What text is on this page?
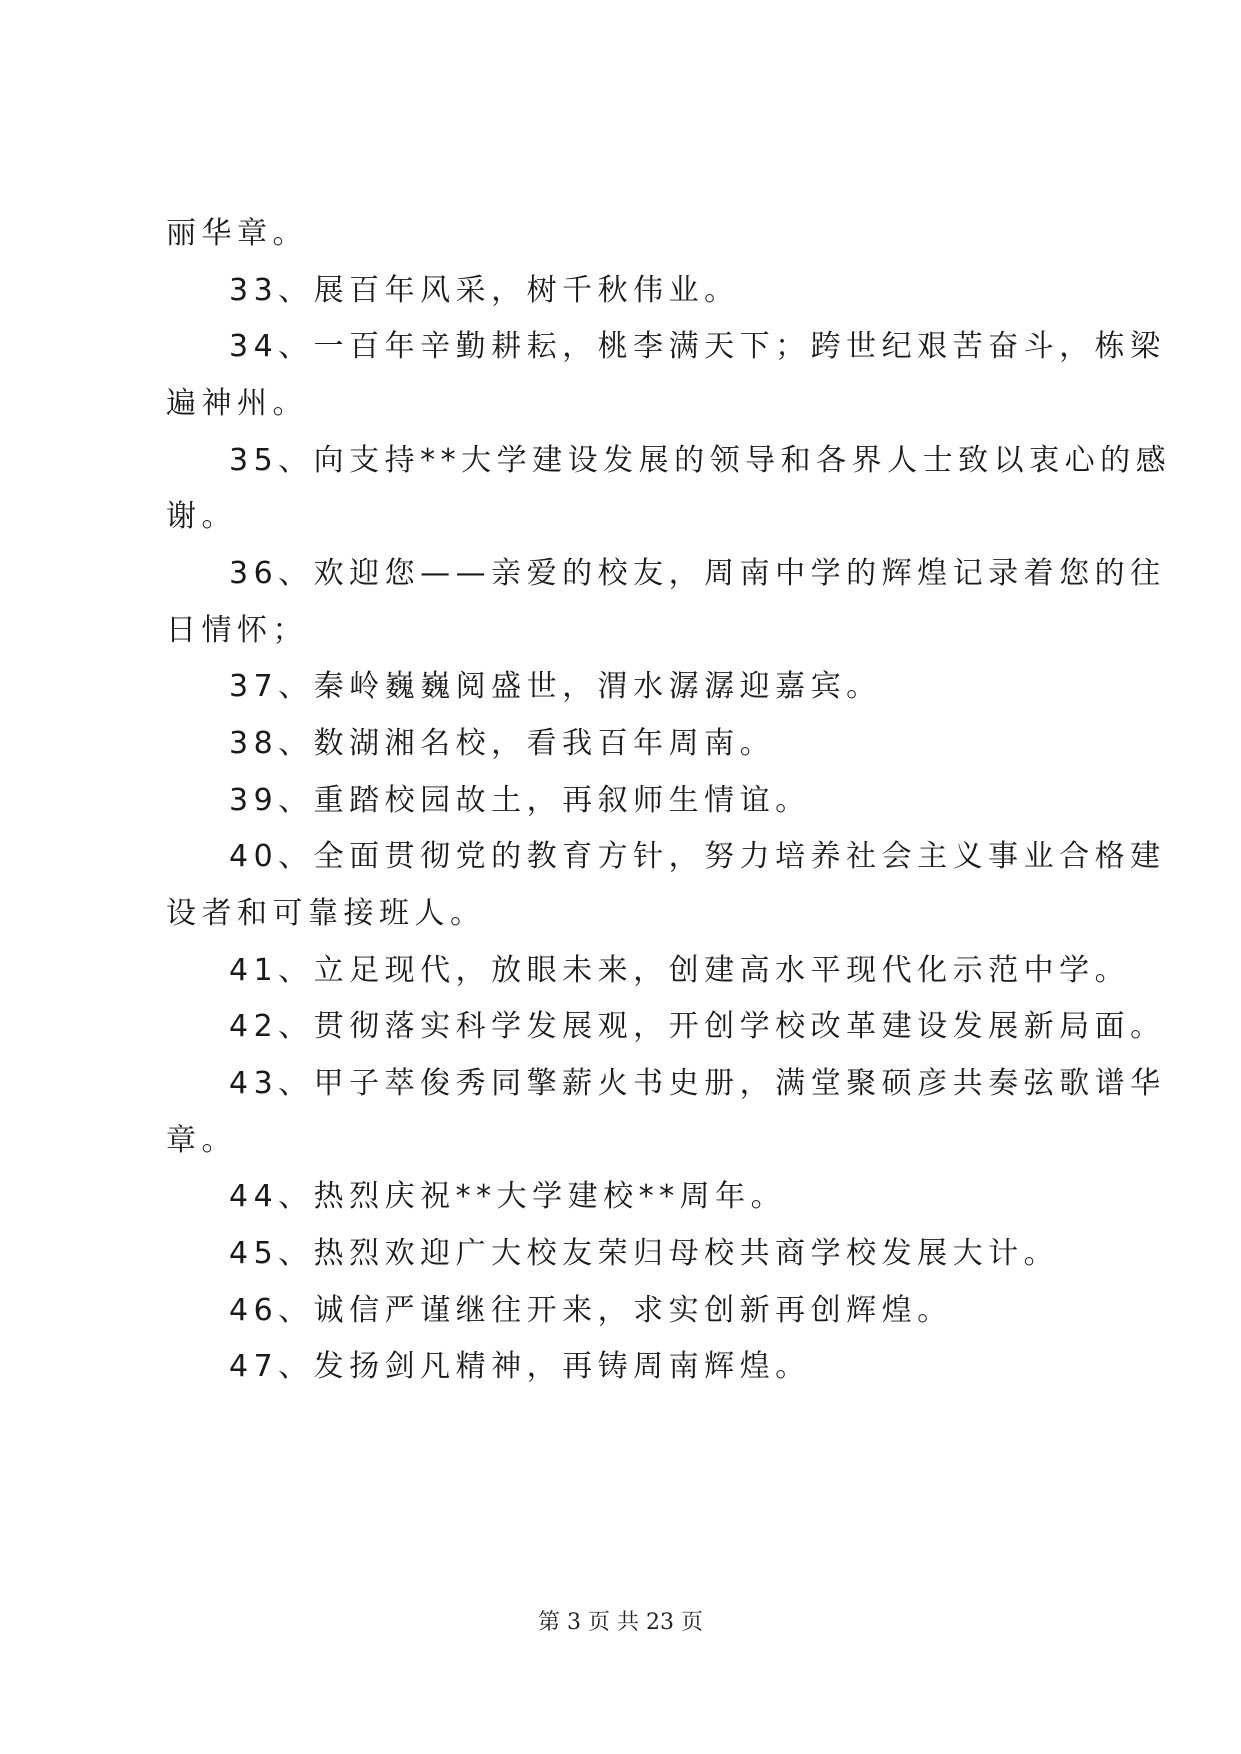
丽华章。
33、展百年风采，树千秋伟业。
34、一百年辛勤耕耘，桃李满天下；跨世纪艰苦奋斗，栋梁
遍神州。
35、向支持**大学建设发展的领导和各界人士致以衷心的感
谢。
36、欢迎您——亲爱的校友，周南中学的辉煌记录着您的往
日情怀；
37、秦岭巍巍阅盛世，渭水潺潺迎嘉宾。
38、数湖湘名校，看我百年周南。
39、重踏校园故土，再叙师生情谊。
40、全面贯彻党的教育方针，努力培养社会主义事业合格建
设者和可靠接班人。
41、立足现代，放眼未来，创建高水平现代化示范中学。
42、贯彻落实科学发展观，开创学校改革建设发展新局面。
43、甲子萃俊秀同擎薪火书史册，满堂聚硕彦共奏弦歌谱华
章。
44、热烈庆祝**大学建校**周年。
45、热烈欢迎广大校友荣归母校共商学校发展大计。
46、诚信严谨继往开来，求实创新再创辉煌。
47、发扬剑凡精神，再铸周南辉煌。
第 3 页 共 23 页
